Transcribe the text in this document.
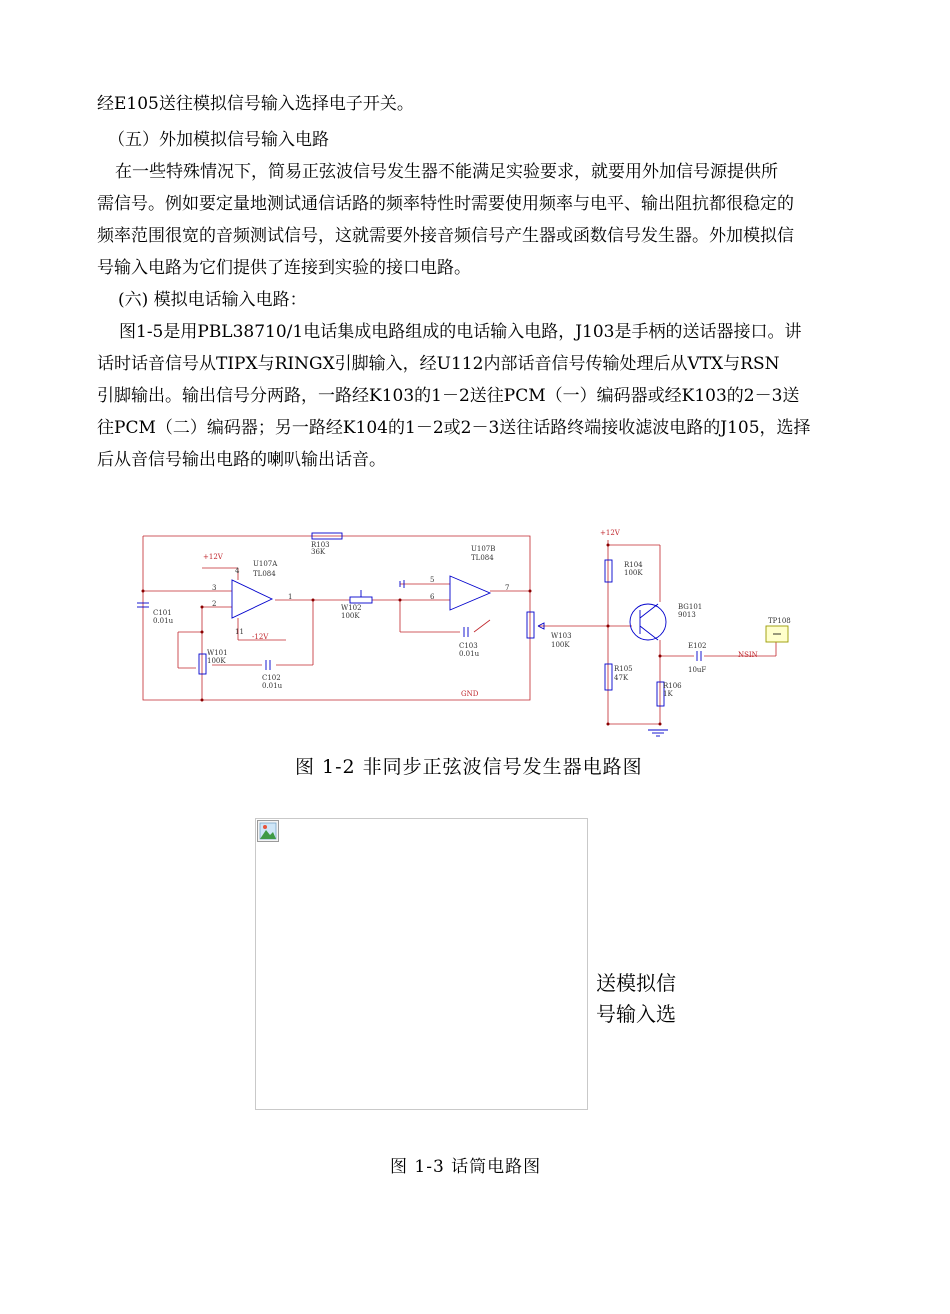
经E105送往模拟信号输入选择电子开关。

（五）外加模拟信号输入电路

在一些特殊情况下，简易正弦波信号发生器不能满足实验要求，就要用外加信号源提供所
需信号。例如要定量地测试通信话路的频率特性时需要使用频率与电平、输出阻抗都很稳定的
频率范围很宽的音频测试信号，这就需要外接音频信号产生器或函数信号发生器。外加模拟信
号输入电路为它们提供了连接到实验的接口电路。

(六) 模拟电话输入电路：

图1-5是用PBL38710/1电话集成电路组成的电话输入电路，J103是手柄的送话器接口。讲
话时话音信号从TIPX与RINGX引脚输入，经U112内部话音信号传输处理后从VTX与RSN
引脚输出。输出信号分两路，一路经K103的1－2送往PCM（一）编码器或经K103的2－3送
往PCM（二）编码器；另一路经K104的1－2或2－3送往话路终端接收滤波电路的J105，选择
后从音信号输出电路的喇叭输出话音。

R103
36K
U107A
TL084
U107B
TL084
+12V
-12V
+12V
4
3
2
11
1
5
6
7
C101
0.01u
W101
100K
C102
0.01u
W102
100K
C103
0.01u
W103
100K
R104
100K
BG101
9013
R105
47K
E102
10uF
R106
1K
TP108
NSIN
GND
图 1-2 非同步正弦波信号发生器电路图
送模拟信
号输入选
图 1-3 话筒电路图
